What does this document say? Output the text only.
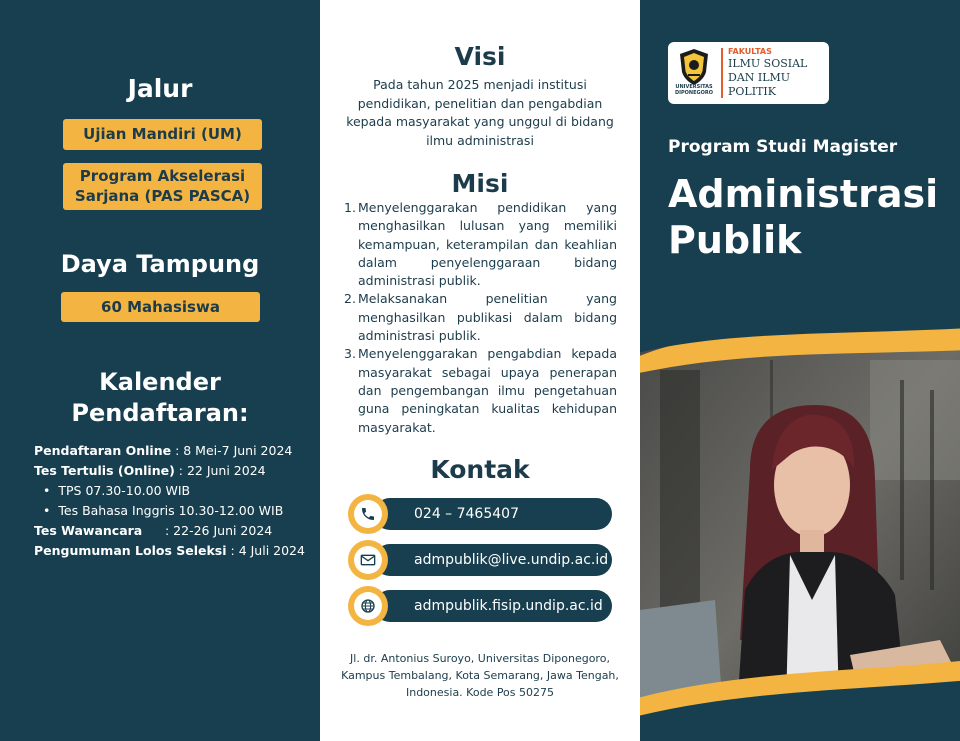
Jalur
Ujian Mandiri (UM)
Program Akselerasi
Sarjana (PAS PASCA)
Daya Tampung
60 Mahasiswa
Kalender
Pendaftaran:
Pendaftaran Online : 8 Mei-7 Juni 2024
Tes Tertulis (Online) : 22 Juni 2024
• TPS 07.30-10.00 WIB
• Tes Bahasa Inggris 10.30-12.00 WIB
Tes Wawancara : 22-26 Juni 2024
Pengumuman Lolos Seleksi : 4 Juli 2024
Visi
Pada tahun 2025 menjadi institusi pendidikan, penelitian dan pengabdian kepada masyarakat yang unggul di bidang ilmu administrasi
Misi
1. Menyelenggarakan pendidikan yang menghasilkan lulusan yang memiliki kemampuan, keterampilan dan keahlian dalam penyelenggaraan bidang administrasi publik.
2. Melaksanakan penelitian yang menghasilkan publikasi dalam bidang administrasi publik.
3. Menyelenggarakan pengabdian kepada masyarakat sebagai upaya penerapan dan pengembangan ilmu pengetahuan guna peningkatan kualitas kehidupan masyarakat.
Kontak
024 – 7465407
admpublik@live.undip.ac.id
admpublik.fisip.undip.ac.id
Jl. dr. Antonius Suroyo, Universitas Diponegoro, Kampus Tembalang, Kota Semarang, Jawa Tengah, Indonesia. Kode Pos 50275
UNIVERSITAS DIPONEGORO
FAKULTAS
ILMU SOSIAL DAN ILMU POLITIK
Program Studi Magister
Administrasi
Publik
